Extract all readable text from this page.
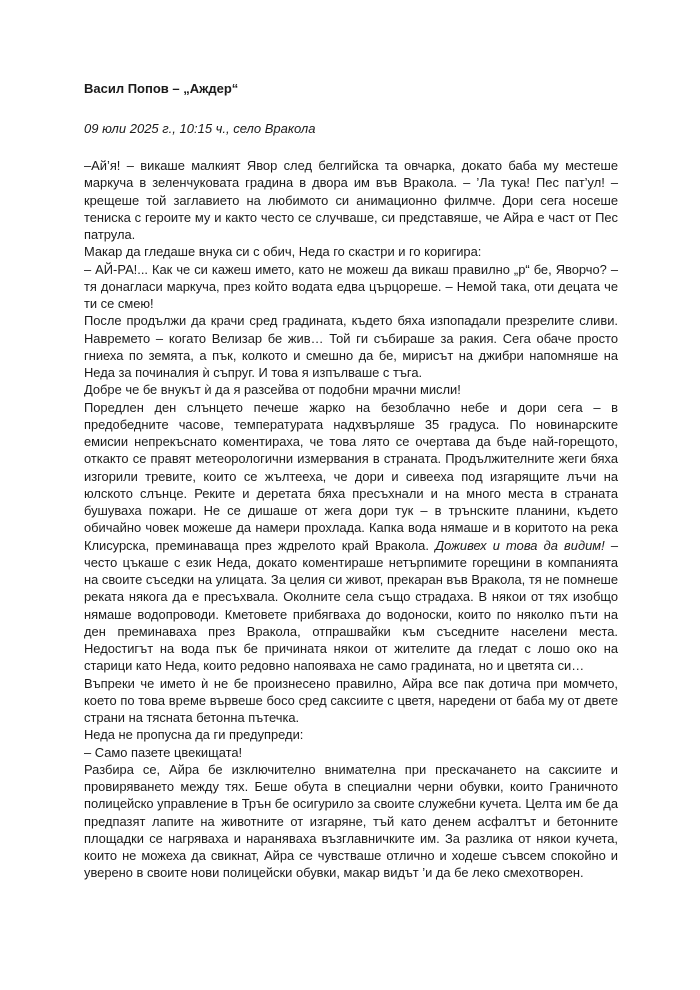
Васил Попов – „Аждер“
09 юли 2025 г., 10:15 ч., село Вракола

–Ай’я! – викаше малкият Явор след белгийска та овчарка, докато баба му местеше маркуча в зеленчуковата градина в двора им във Вракола. – ’Ла тука! Пес пат’ул! – крещеше той заглавието на любимото си анимационно филмче. Дори сега носеше тениска с героите му и както често се случваше, си представяше, че Айра е част от Пес патрула.

Макар да гледаше внука си с обич, Неда го скастри и го коригира:

– АЙ-РА!... Как че си кажеш името, като не можеш да викаш правилно „р“ бе, Яворчо? – тя донагласи маркуча, през който водата едва църцореше. – Немой така, оти децата че ти се смею!

После продължи да крачи сред градината, където бяха изпопадали презрелите сливи. Навремето – когато Велизар бе жив… Той ги събираше за ракия. Сега обаче просто гниеха по земята, а пък, колкото и смешно да бе, мирисът на джибри напомняше на Неда за починалия ѝ съпруг. И това я изпълваше с тъга.

Добре че бе внукът ѝ да я разсейва от подобни мрачни мисли!

Поредлен ден слънцето печеше жарко на безоблачно небе и дори сега – в предобедните часове, температурата надхвърляше 35 градуса. По новинарските емисии непрекъснато коментираха, че това лято се очертава да бъде най-горещото, откакто се правят метеорологични измервания в страната. Продължителните жеги бяха изгорили тревите, които се жълтееха, че дори и сивееха под изгарящите лъчи на юлското слънце. Реките и деретата бяха пресъхнали и на много места в страната бушуваха пожари. Не се дишаше от жега дори тук – в трънските планини, където обичайно човек можеше да намери прохлада. Капка вода нямаше и в коритото на река Клисурска, преминаваща през ждрелото край Вракола. Доживех и това да видим! – често цъкаше с език Неда, докато коментираше нетърпимите горещини в компанията на своите съседки на улицата. За целия си живот, прекаран във Вракола, тя не помнеше реката някога да е пресъхвала. Околните села също страдаха. В някои от тях изобщо нямаше водопроводи. Кметовете прибягваха до водоноски, които по няколко пъти на ден преминаваха през Вракола, отпрашвайки към съседните населени места. Недостигът на вода пък бе причината някои от жителите да гледат с лошо око на старици като Неда, които редовно напояваха не само градината, но и цветята си…

Въпреки че името ѝ не бе произнесено правилно, Айра все пак дотича при момчето, което по това време вървеше босо сред саксиите с цветя, наредени от баба му от двете страни на тясната бетонна пътечка.

Неда не пропусна да ги предупреди:

– Само пазете цвекищата!

Разбира се, Айра бе изключително внимателна при прескачането на саксиите и провиряването между тях. Беше обута в специални черни обувки, които Граничното полицейско управление в Трън бе осигурило за своите служебни кучета. Целта им бе да предпазят лапите на животните от изгаряне, тъй като денем асфалтът и бетонните площадки се нагряваха и наранявaха възглавничките им. За разлика от някои кучета, които не можеха да свикнат, Айра се чувстваше отлично и ходеше съвсем спокойно и уверено в своите нови полицейски обувки, макар видът ’и да бе леко смехотворен.
